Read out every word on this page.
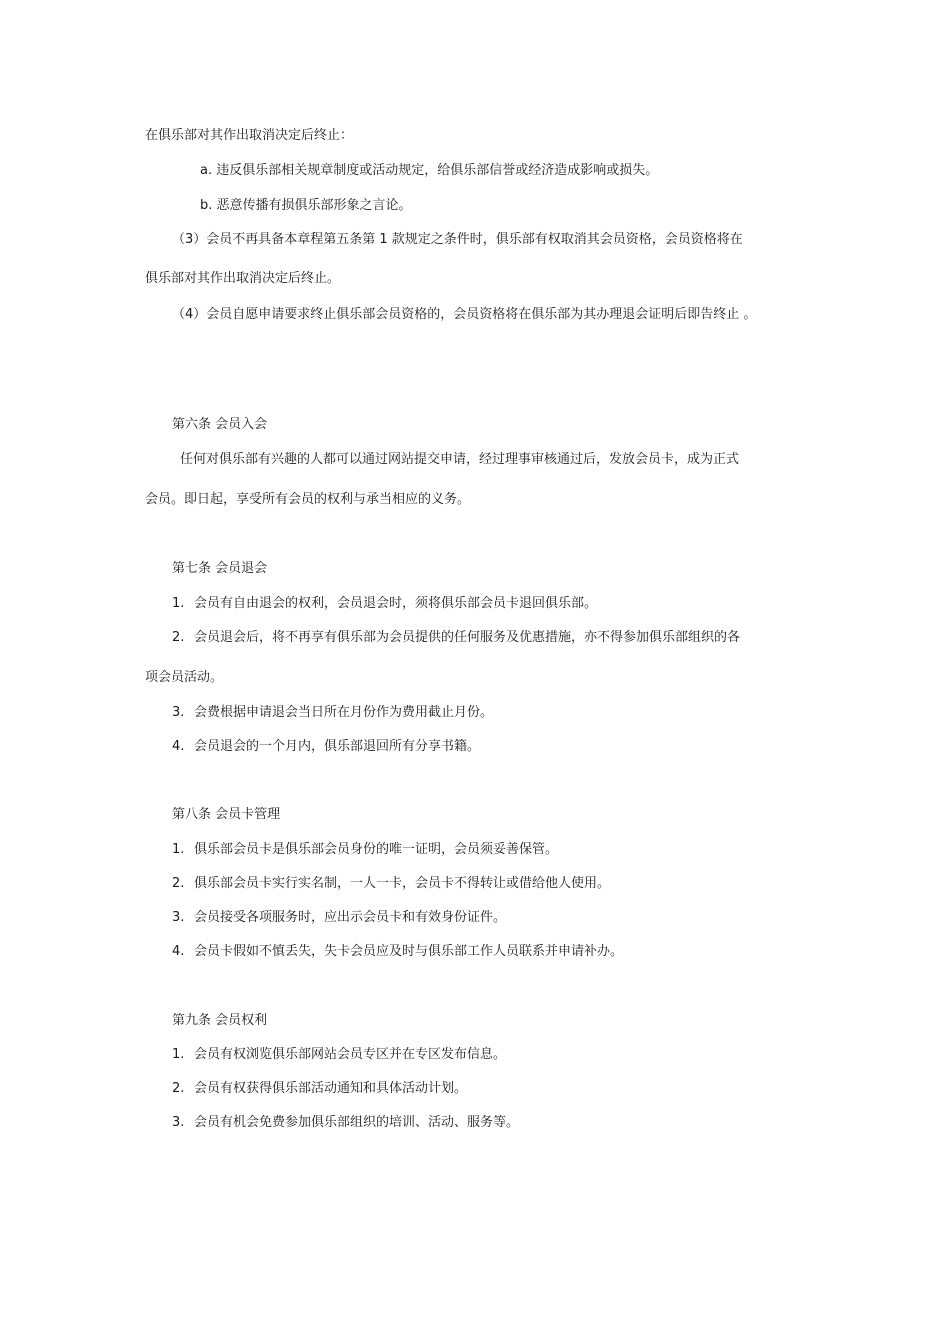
在俱乐部对其作出取消决定后终止：
a. 违反俱乐部相关规章制度或活动规定，给俱乐部信誉或经济造成影响或损失。
b. 恶意传播有损俱乐部形象之言论。
（3）会员不再具备本章程第五条第 1 款规定之条件时，俱乐部有权取消其会员资格，会员资格将在
俱乐部对其作出取消决定后终止。
（4）会员自愿申请要求终止俱乐部会员资格的，会员资格将在俱乐部为其办理退会证明后即告终止 。
第六条 会员入会
任何对俱乐部有兴趣的人都可以通过网站提交申请，经过理事审核通过后，发放会员卡，成为正式
会员。即日起，享受所有会员的权利与承当相应的义务。
第七条 会员退会
1. 会员有自由退会的权利，会员退会时，须将俱乐部会员卡退回俱乐部。
2. 会员退会后，将不再享有俱乐部为会员提供的任何服务及优惠措施，亦不得参加俱乐部组织的各
项会员活动。
3. 会费根据申请退会当日所在月份作为费用截止月份。
4. 会员退会的一个月内，俱乐部退回所有分享书籍。
第八条 会员卡管理
1. 俱乐部会员卡是俱乐部会员身份的唯一证明，会员须妥善保管。
2. 俱乐部会员卡实行实名制，一人一卡，会员卡不得转让或借给他人使用。
3. 会员接受各项服务时，应出示会员卡和有效身份证件。
4. 会员卡假如不慎丢失，失卡会员应及时与俱乐部工作人员联系并申请补办。
第九条 会员权利
1. 会员有权浏览俱乐部网站会员专区并在专区发布信息。
2. 会员有权获得俱乐部活动通知和具体活动计划。
3. 会员有机会免费参加俱乐部组织的培训、活动、服务等。
